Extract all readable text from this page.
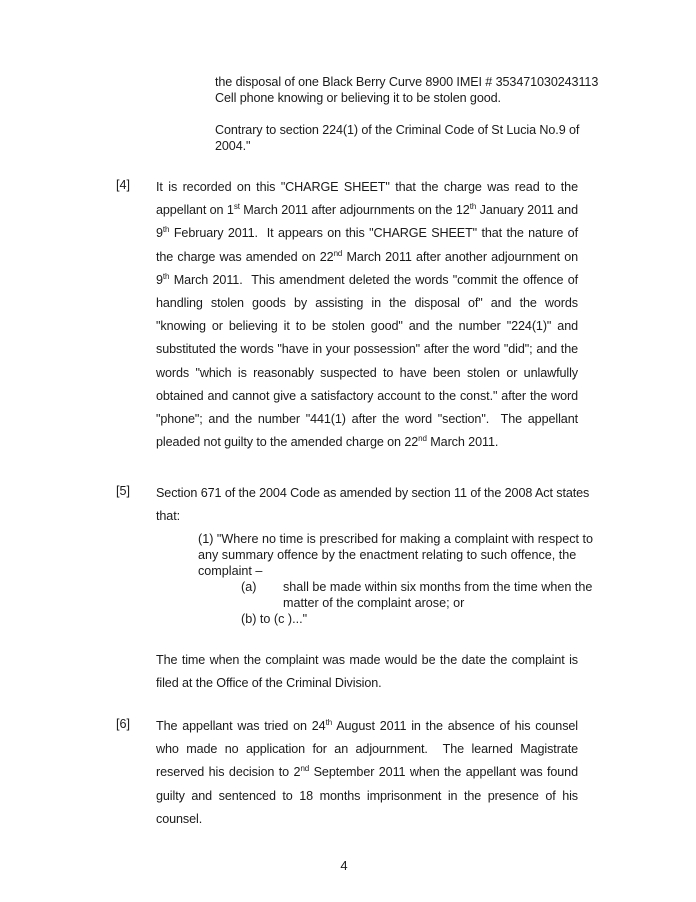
the disposal of one Black Berry Curve 8900 IMEI # 353471030243113
Cell phone knowing or believing it to be stolen good.
Contrary to section 224(1) of the Criminal Code of St Lucia No.9 of
2004."
[4] It is recorded on this "CHARGE SHEET" that the charge was read to the appellant on 1st March 2011 after adjournments on the 12th January 2011 and 9th February 2011.  It appears on this "CHARGE SHEET" that the nature of the charge was amended on 22nd March 2011 after another adjournment on 9th March 2011.  This amendment deleted the words "commit the offence of handling stolen goods by assisting in the disposal of" and the words "knowing or believing it to be stolen good" and the number "224(1)" and substituted the words "have in your possession" after the word "did"; and the words "which is reasonably suspected to have been stolen or unlawfully obtained and cannot give a satisfactory account to the const." after the word "phone"; and the number "441(1) after the word "section".  The appellant pleaded not guilty to the amended charge on 22nd March 2011.
[5] Section 671 of the 2004 Code as amended by section 11 of the 2008 Act states
that:
(1) "Where no time is prescribed for making a complaint with respect to
any summary offence by the enactment relating to such offence, the
complaint –
(a) shall be made within six months from the time when the
matter of the complaint arose; or
(b) to (c )..."
The time when the complaint was made would be the date the complaint is filed at the Office of the Criminal Division.
[6] The appellant was tried on 24th August 2011 in the absence of his counsel who made no application for an adjournment.  The learned Magistrate reserved his decision to 2nd September 2011 when the appellant was found guilty and sentenced to 18 months imprisonment in the presence of his counsel.
4
